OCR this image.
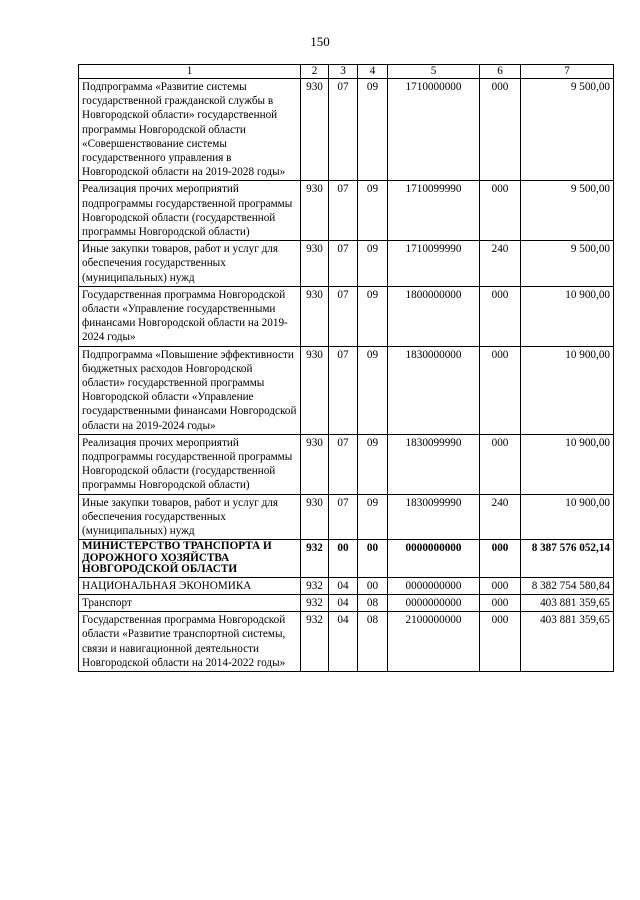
150
1	2	3	4	5	6	7
Подпрограмма «Развитие системы государственной гражданской службы в Новгородской области» государственной программы Новгородской области «Совершенствование системы государственного управления в Новгородской области на 2019-2028 годы»	930	07	09	1710000000	000	9 500,00
Реализация прочих мероприятий подпрограммы государственной программы Новгородской области (государственной программы Новгородской области)	930	07	09	1710099990	000	9 500,00
Иные закупки товаров, работ и услуг для обеспечения государственных (муниципальных) нужд	930	07	09	1710099990	240	9 500,00
Государственная программа Новгородской области «Управление государственными финансами Новгородской области на 2019-2024 годы»	930	07	09	1800000000	000	10 900,00
Подпрограмма «Повышение эффективности бюджетных расходов Новгородской области» государственной программы Новгородской области «Управление государственными финансами Новгородской области на 2019-2024 годы»	930	07	09	1830000000	000	10 900,00
Реализация прочих мероприятий подпрограммы государственной программы Новгородской области (государственной программы Новгородской области)	930	07	09	1830099990	000	10 900,00
Иные закупки товаров, работ и услуг для обеспечения государственных (муниципальных) нужд	930	07	09	1830099990	240	10 900,00
МИНИСТЕРСТВО ТРАНСПОРТА И ДОРОЖНОГО ХОЗЯЙСТВА НОВГОРОДСКОЙ ОБЛАСТИ	932	00	00	0000000000	000	8 387 576 052,14
НАЦИОНАЛЬНАЯ ЭКОНОМИКА	932	04	00	0000000000	000	8 382 754 580,84
Транспорт	932	04	08	0000000000	000	403 881 359,65
Государственная программа Новгородской области «Развитие транспортной системы, связи и навигационной деятельности Новгородской области на 2014-2022 годы»	932	04	08	2100000000	000	403 881 359,65
